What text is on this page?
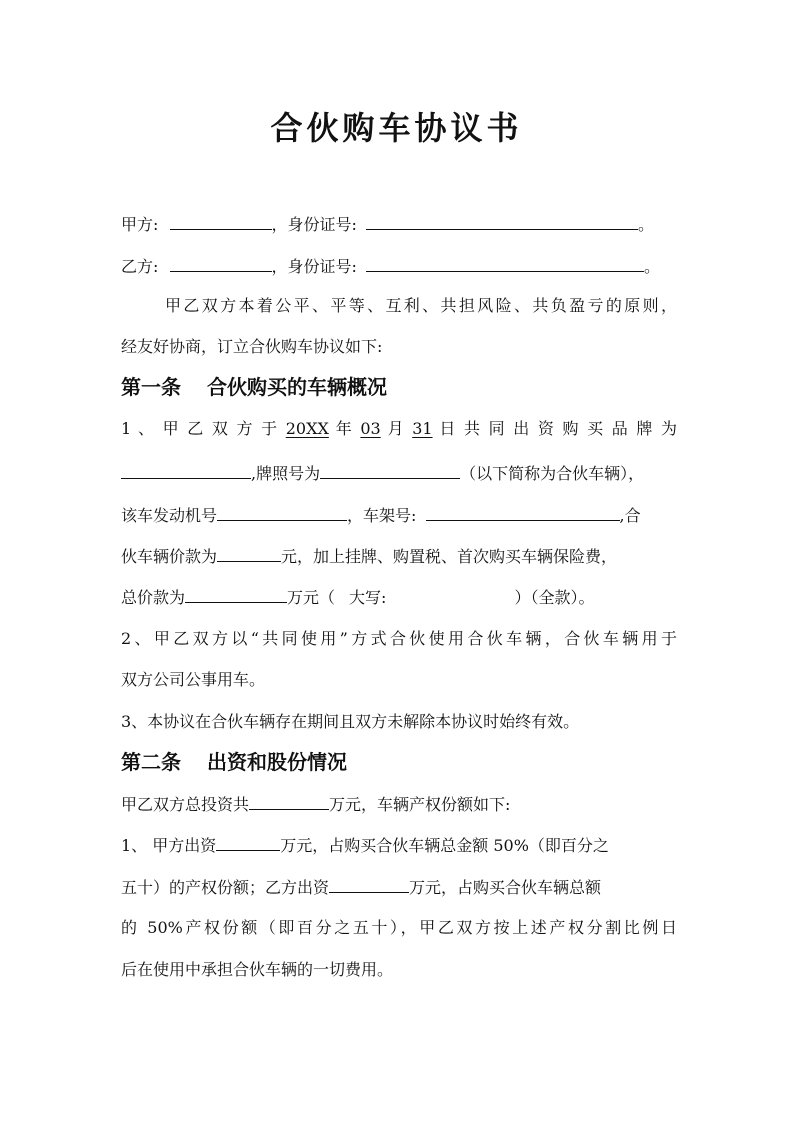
合伙购车协议书
甲方:	，身份证号:	。
乙方:	，身份证号:	。
甲乙双方本着公平、平等、互利、共担风险、共负盈亏的原则，
经友好协商，订立合伙购车协议如下:
第一条 合伙购买的车辆概况
1 、 甲 乙 双 方 于 20XX 年 03 月 31 日 共 同 出 资 购 买 品 牌 为
,牌照号为	（以下简称为合伙车辆），
该车发动机号	，车架号:	,合
伙车辆价款为	元，加上挂牌、购置税、首次购买车辆保险费，
总价款为	万元（ 大写:	）（全款）。
2、甲乙双方以“共同使用”方式合伙使用合伙车辆，合伙车辆用于
双方公司公事用车。
3、本协议在合伙车辆存在期间且双方未解除本协议时始终有效。
第二条 出资和股份情况
甲乙双方总投资共	万元，车辆产权份额如下:
1、 甲方出资	万元，占购买合伙车辆总金额 50%（即百分之
五十）的产权份额；乙方出资	万元，占购买合伙车辆总额
的 50%产权份额（即百分之五十），甲乙双方按上述产权分割比例日
后在使用中承担合伙车辆的一切费用。
